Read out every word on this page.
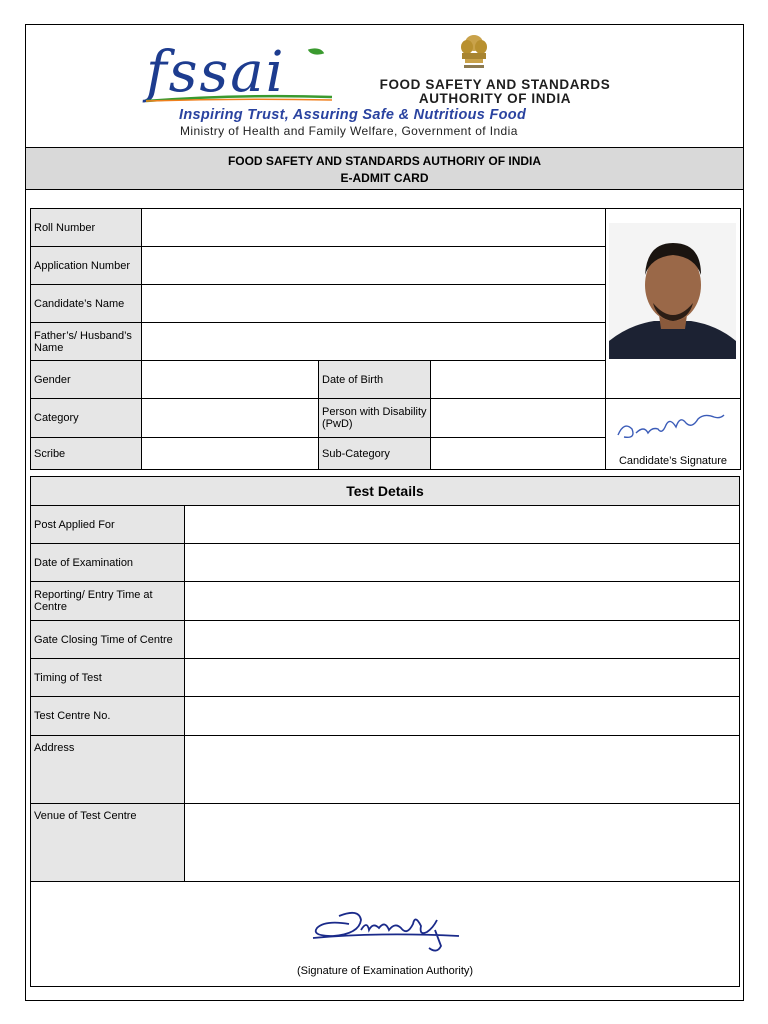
fssai	FOOD SAFETY AND STANDARDS
AUTHORITY OF INDIA
Inspiring Trust, Assuring Safe & Nutritious Food
Ministry of Health and Family Welfare, Government of India
FOOD SAFETY AND STANDARDS AUTHORIY OF INDIA
E-ADMIT CARD
Roll Number
Application Number
Candidate’s Name
Father’s/ Husband’s Name
Gender	Date of Birth
Category	Person with Disability (PwD)
Scribe	Sub-Category
Candidate’s Signature
Test Details
Post Applied For
Date of Examination
Reporting/ Entry Time at Centre
Gate Closing Time of Centre
Timing of Test
Test Centre No.
Address
Venue of Test Centre
(Signature of Examination Authority)
